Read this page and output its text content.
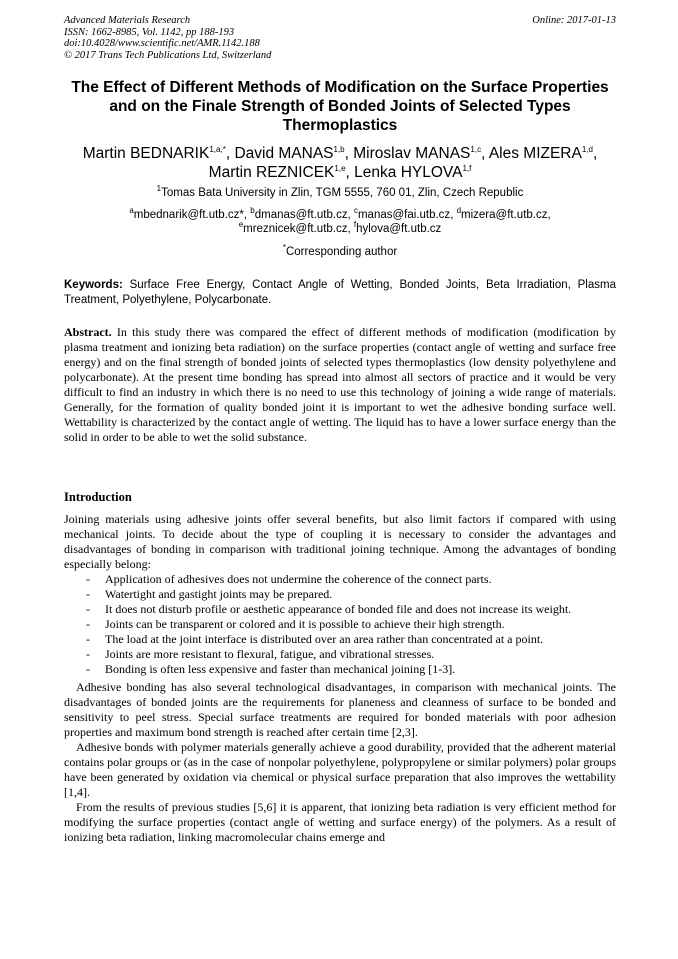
Advanced Materials Research	Online: 2017-01-13
ISSN: 1662-8985, Vol. 1142, pp 188-193
doi:10.4028/www.scientific.net/AMR.1142.188
© 2017 Trans Tech Publications Ltd, Switzerland
The Effect of Different Methods of Modification on the Surface Properties and on the Finale Strength of Bonded Joints of Selected Types Thermoplastics
Martin $BEDNARIK^{1,a,*}$, David MANAS$^{1,b}$, Miroslav MANAS$^{1,c}$, Ales MIZERA$^{1,d}$,
Martin REZNICEK$^{1,e}$, Lenka HYLOVA$^{1,f}$
$^1$Tomas Bata University in Zlin, TGM 5555, 760 01, Zlin, Czech Republic
$^a$mbednarik@ft.utb.cz*, $^b$dmanas@ft.utb.cz, $^c$manas@fai.utb.cz, $^d$mizera@ft.utb.cz,
$^e$mreznicek@ft.utb.cz, $^f$hylova@ft.utb.cz
*Corresponding author
Keywords: Surface Free Energy, Contact Angle of Wetting, Bonded Joints, Beta Irradiation, Plasma Treatment, Polyethylene, Polycarbonate.
Abstract. In this study there was compared the effect of different methods of modification (modification by plasma treatment and ionizing beta radiation) on the surface properties (contact angle of wetting and surface free energy) and on the final strength of bonded joints of selected types thermoplastics (low density polyethylene and polycarbonate). At the present time bonding has spread into almost all sectors of practice and it would be very difficult to find an industry in which there is no need to use this technology of joining a wide range of materials. Generally, for the formation of quality bonded joint it is important to wet the adhesive bonding surface well. Wettability is characterized by the contact angle of wetting. The liquid has to have a lower surface energy than the solid in order to be able to wet the solid substance.
Introduction

Joining materials using adhesive joints offer several benefits, but also limit factors if compared with using mechanical joints. To decide about the type of coupling it is necessary to consider the advantages and disadvantages of bonding in comparison with traditional joining technique. Among the advantages of bonding especially belong:

- Application of adhesives does not undermine the coherence of the connect parts.
- Watertight and gastight joints may be prepared.
- It does not disturb profile or aesthetic appearance of bonded file and does not increase its weight.
- Joints can be transparent or colored and it is possible to achieve their high strength.
- The load at the joint interface is distributed over an area rather than concentrated at a point.
- Joints are more resistant to flexural, fatigue, and vibrational stresses.
- Bonding is often less expensive and faster than mechanical joining [1-3].

Adhesive bonding has also several technological disadvantages, in comparison with mechanical joints. The disadvantages of bonded joints are the requirements for planeness and cleanness of surface to be bonded and sensitivity to peel stress. Special surface treatments are required for bonded materials with poor adhesion properties and maximum bond strength is reached after certain time [2,3].

Adhesive bonds with polymer materials generally achieve a good durability, provided that the adherent material contains polar groups or (as in the case of nonpolar polyethylene, polypropylene or similar polymers) polar groups have been generated by oxidation via chemical or physical surface preparation that also improves the wettability [1,4].

From the results of previous studies [5,6] it is apparent, that ionizing beta radiation is very efficient method for modifying the surface properties (contact angle of wetting and surface energy) of the polymers. As a result of ionizing beta radiation, linking macromolecular chains emerge and
